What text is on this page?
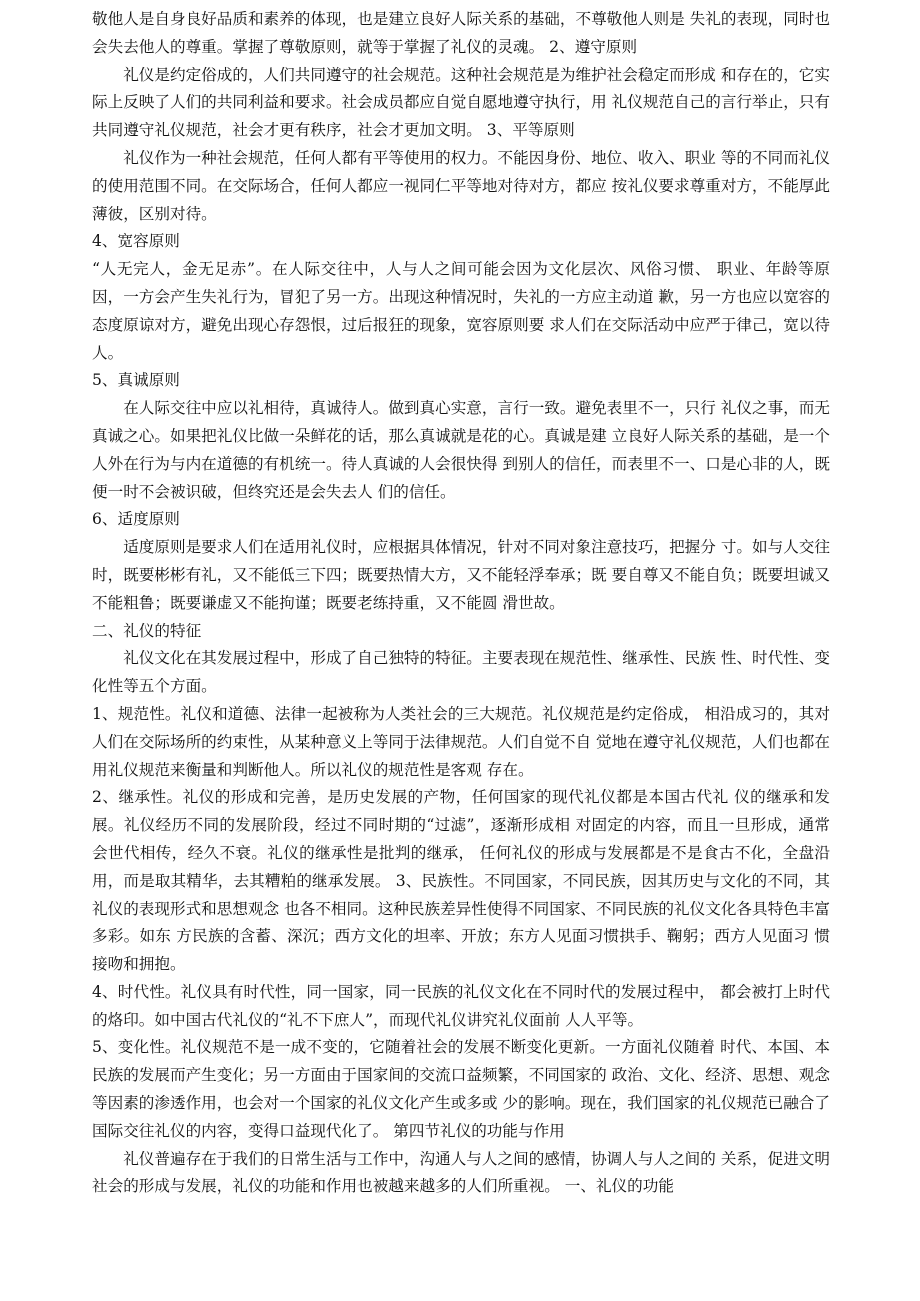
敬他人是自身良好品质和素养的体现，也是建立良好人际关系的基础，不尊敬他人则是 失礼的表现，同时也会失去他人的尊重。掌握了尊敬原则，就等于掌握了礼仪的灵魂。 2、遵守原则

礼仪是约定俗成的，人们共同遵守的社会规范。这种社会规范是为维护社会稳定而形成 和存在的，它实际上反映了人们的共同利益和要求。社会成员都应自觉自愿地遵守执行，用 礼仪规范自己的言行举止，只有共同遵守礼仪规范，社会才更有秩序，社会才更加文明。 3、平等原则

礼仪作为一种社会规范，任何人都有平等使用的权力。不能因身份、地位、收入、职业 等的不同而礼仪的使用范围不同。在交际场合，任何人都应一视同仁平等地对待对方，都应 按礼仪要求尊重对方，不能厚此薄彼，区别对待。

4、宽容原则

“人无完人，金无足赤”。在人际交往中，人与人之间可能会因为文化层次、风俗习惯、 职业、年龄等原因，一方会产生失礼行为，冒犯了另一方。出现这种情况时，失礼的一方应主动道 歉，另一方也应以宽容的态度原谅对方，避免出现心存怨恨，过后报狂的现象，宽容原则要 求人们在交际活动中应严于律己，宽以待人。

5、真诚原则

在人际交往中应以礼相待，真诚待人。做到真心实意，言行一致。避免表里不一，只行 礼仪之事，而无真诚之心。如果把礼仪比做一朵鲜花的话，那么真诚就是花的心。真诚是建 立良好人际关系的基础，是一个人外在行为与内在道德的有机统一。待人真诚的人会很快得 到别人的信任，而表里不一、口是心非的人，既便一时不会被识破，但终究还是会失去人 们的信任。

6、适度原则

适度原则是要求人们在适用礼仪时，应根据具体情况，针对不同对象注意技巧，把握分 寸。如与人交往时，既要彬彬有礼，又不能低三下四；既要热情大方，又不能轻浮奉承；既 要自尊又不能自负；既要坦诚又不能粗鲁；既要谦虚又不能拘谨；既要老练持重，又不能圆 滑世故。

二、礼仪的特征

礼仪文化在其发展过程中，形成了自己独特的特征。主要表现在规范性、继承性、民族 性、时代性、变化性等五个方面。

1、规范性。礼仪和道德、法律一起被称为人类社会的三大规范。礼仪规范是约定俗成， 相沿成习的，其对人们在交际场所的约束性，从某种意义上等同于法律规范。人们自觉不自 觉地在遵守礼仪规范，人们也都在用礼仪规范来衡量和判断他人。所以礼仪的规范性是客观 存在。

2、继承性。礼仪的形成和完善，是历史发展的产物，任何国家的现代礼仪都是本国古代礼 仪的继承和发展。礼仪经历不同的发展阶段，经过不同时期的“过滤”，逐渐形成相 对固定的内容，而且一旦形成，通常会世代相传，经久不衰。礼仪的继承性是批判的继承， 任何礼仪的形成与发展都是不是食古不化，全盘沿用，而是取其精华，去其糟粕的继承发展。 3、民族性。不同国家，不同民族，因其历史与文化的不同，其礼仪的表现形式和思想观念 也各不相同。这种民族差异性使得不同国家、不同民族的礼仪文化各具特色丰富多彩。如东 方民族的含蓄、深沉；西方文化的坦率、开放；东方人见面习惯拱手、鞠躬；西方人见面习 惯接吻和拥抱。

4、时代性。礼仪具有时代性，同一国家，同一民族的礼仪文化在不同时代的发展过程中， 都会被打上时代的烙印。如中国古代礼仪的“礼不下庶人”，而现代礼仪讲究礼仪面前 人人平等。

5、变化性。礼仪规范不是一成不变的，它随着社会的发展不断变化更新。一方面礼仪随着 时代、本国、本民族的发展而产生变化；另一方面由于国家间的交流口益频繁，不同国家的 政治、文化、经济、思想、观念等因素的渗透作用，也会对一个国家的礼仪文化产生或多或 少的影响。现在，我们国家的礼仪规范已融合了国际交往礼仪的内容，变得口益现代化了。 第四节礼仪的功能与作用

礼仪普遍存在于我们的日常生活与工作中，沟通人与人之间的感情，协调人与人之间的 关系，促进文明社会的形成与发展，礼仪的功能和作用也被越来越多的人们所重视。 一、礼仪的功能
